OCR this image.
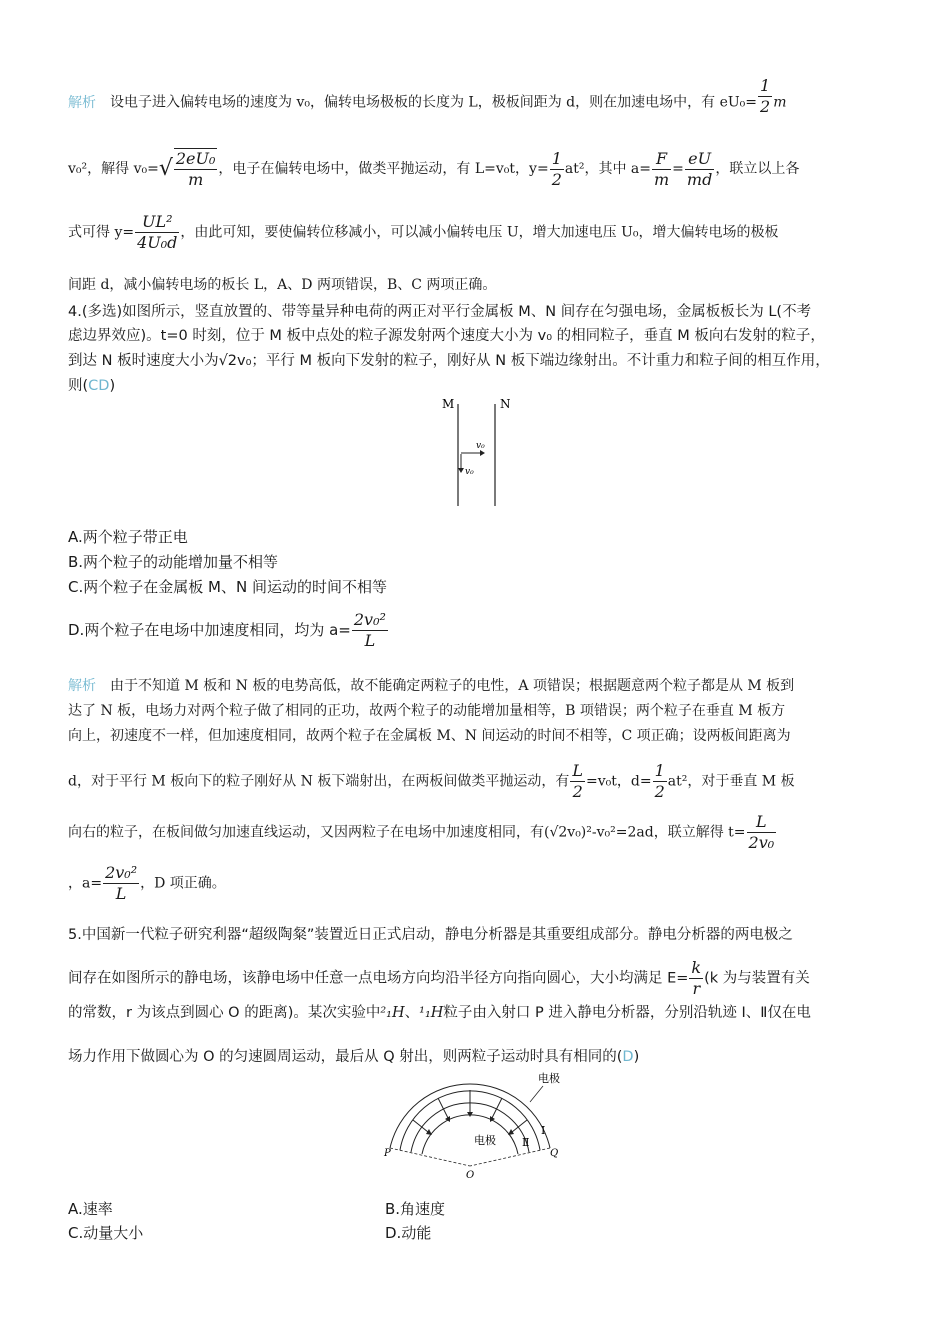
解析 设电子进入偏转电场的速度为 v₀，偏转电场极板的长度为 L，极板间距为 d，则在加速电场中，有 $eU_0= \frac{1}{2}$ m
v₀²，解得 $v_0=√ \frac{\text{2eU₀}}{m}$ ，电子在偏转电场中，做类平抛运动，有 L=v₀t，$y= \frac{1}{2} at^2$，其中 $a= \frac{F}{m} = \frac{eU}{md}$ ，联立以上各
式可得 $y= \frac{\text{UL²}}{\text{4U₀d}}$ ，由此可知，要使偏转位移减小，可以减小偏转电压 U，增大加速电压 U₀，增大偏转电场的极板
间距 d，减小偏转电场的板长 L，A、D 两项错误，B、C 两项正确。
4.(多选)如图所示，竖直放置的、带等量异种电荷的两正对平行金属板 M、N 间存在匀强电场，金属板板长为 L(不考
虑边界效应)。t=0 时刻，位于 M 板中点处的粒子源发射两个速度大小为 v₀ 的相同粒子，垂直 M 板向右发射的粒子，
到达 N 板时速度大小为√2v₀；平行 M 板向下发射的粒子，刚好从 N 板下端边缘射出。不计重力和粒子间的相互作用，
则(CD)
M	N
v₀
v₀
A.两个粒子带正电
B.两个粒子的动能增加量不相等
C.两个粒子在金属板 M、N 间运动的时间不相等
D.两个粒子在电场中加速度相同，均为 $a= \frac{\text{2v₀²}}{L}$
解析 由于不知道 M 板和 N 板的电势高低，故不能确定两粒子的电性，A 项错误；根据题意两个粒子都是从 M 板到
达了 N 板，电场力对两个粒子做了相同的正功，故两个粒子的动能增加量相等，B 项错误；两个粒子在垂直 M 板方
向上，初速度不一样，但加速度相同，故两个粒子在金属板 M、N 间运动的时间不相等，C 项正确；设两板间距离为
d，对于平行 M 板向下的粒子刚好从 N 板下端射出，在两板间做类平抛运动，有 $\frac{L}{2} =v_0t$，$d= \frac{1}{2} at^2$，对于垂直 M 板
向右的粒子，在板间做匀加速直线运动，又因两粒子在电场中加速度相同，有(√2v₀)²-v₀²=2ad，联立解得 $t= \frac{L}{\text{2v₀}}$
，$a= \frac{\text{2v₀²}}{L}$ ，D 项正确。
5.中国新一代粒子研究利器“超级陶粲”装置近日正式启动，静电分析器是其重要组成部分。静电分析器的两电极之
间存在如图所示的静电场，该静电场中任意一点电场方向均沿半径方向指向圆心，大小均满足 $E= \frac{k}{r} (k$ 为与装置有关
的常数，r 为该点到圆心 O 的距离)。某次实验中²₁H、¹₁H粒子由入射口 P 进入静电分析器，分别沿轨迹 Ⅰ、Ⅱ仅在电
场力作用下做圆心为 O 的匀速圆周运动，最后从 Q 射出，则两粒子运动时具有相同的(D)
电极
电极
Ⅰ
Ⅱ
P	Q
O
A.速率	B.角速度
C.动量大小	D.动能
